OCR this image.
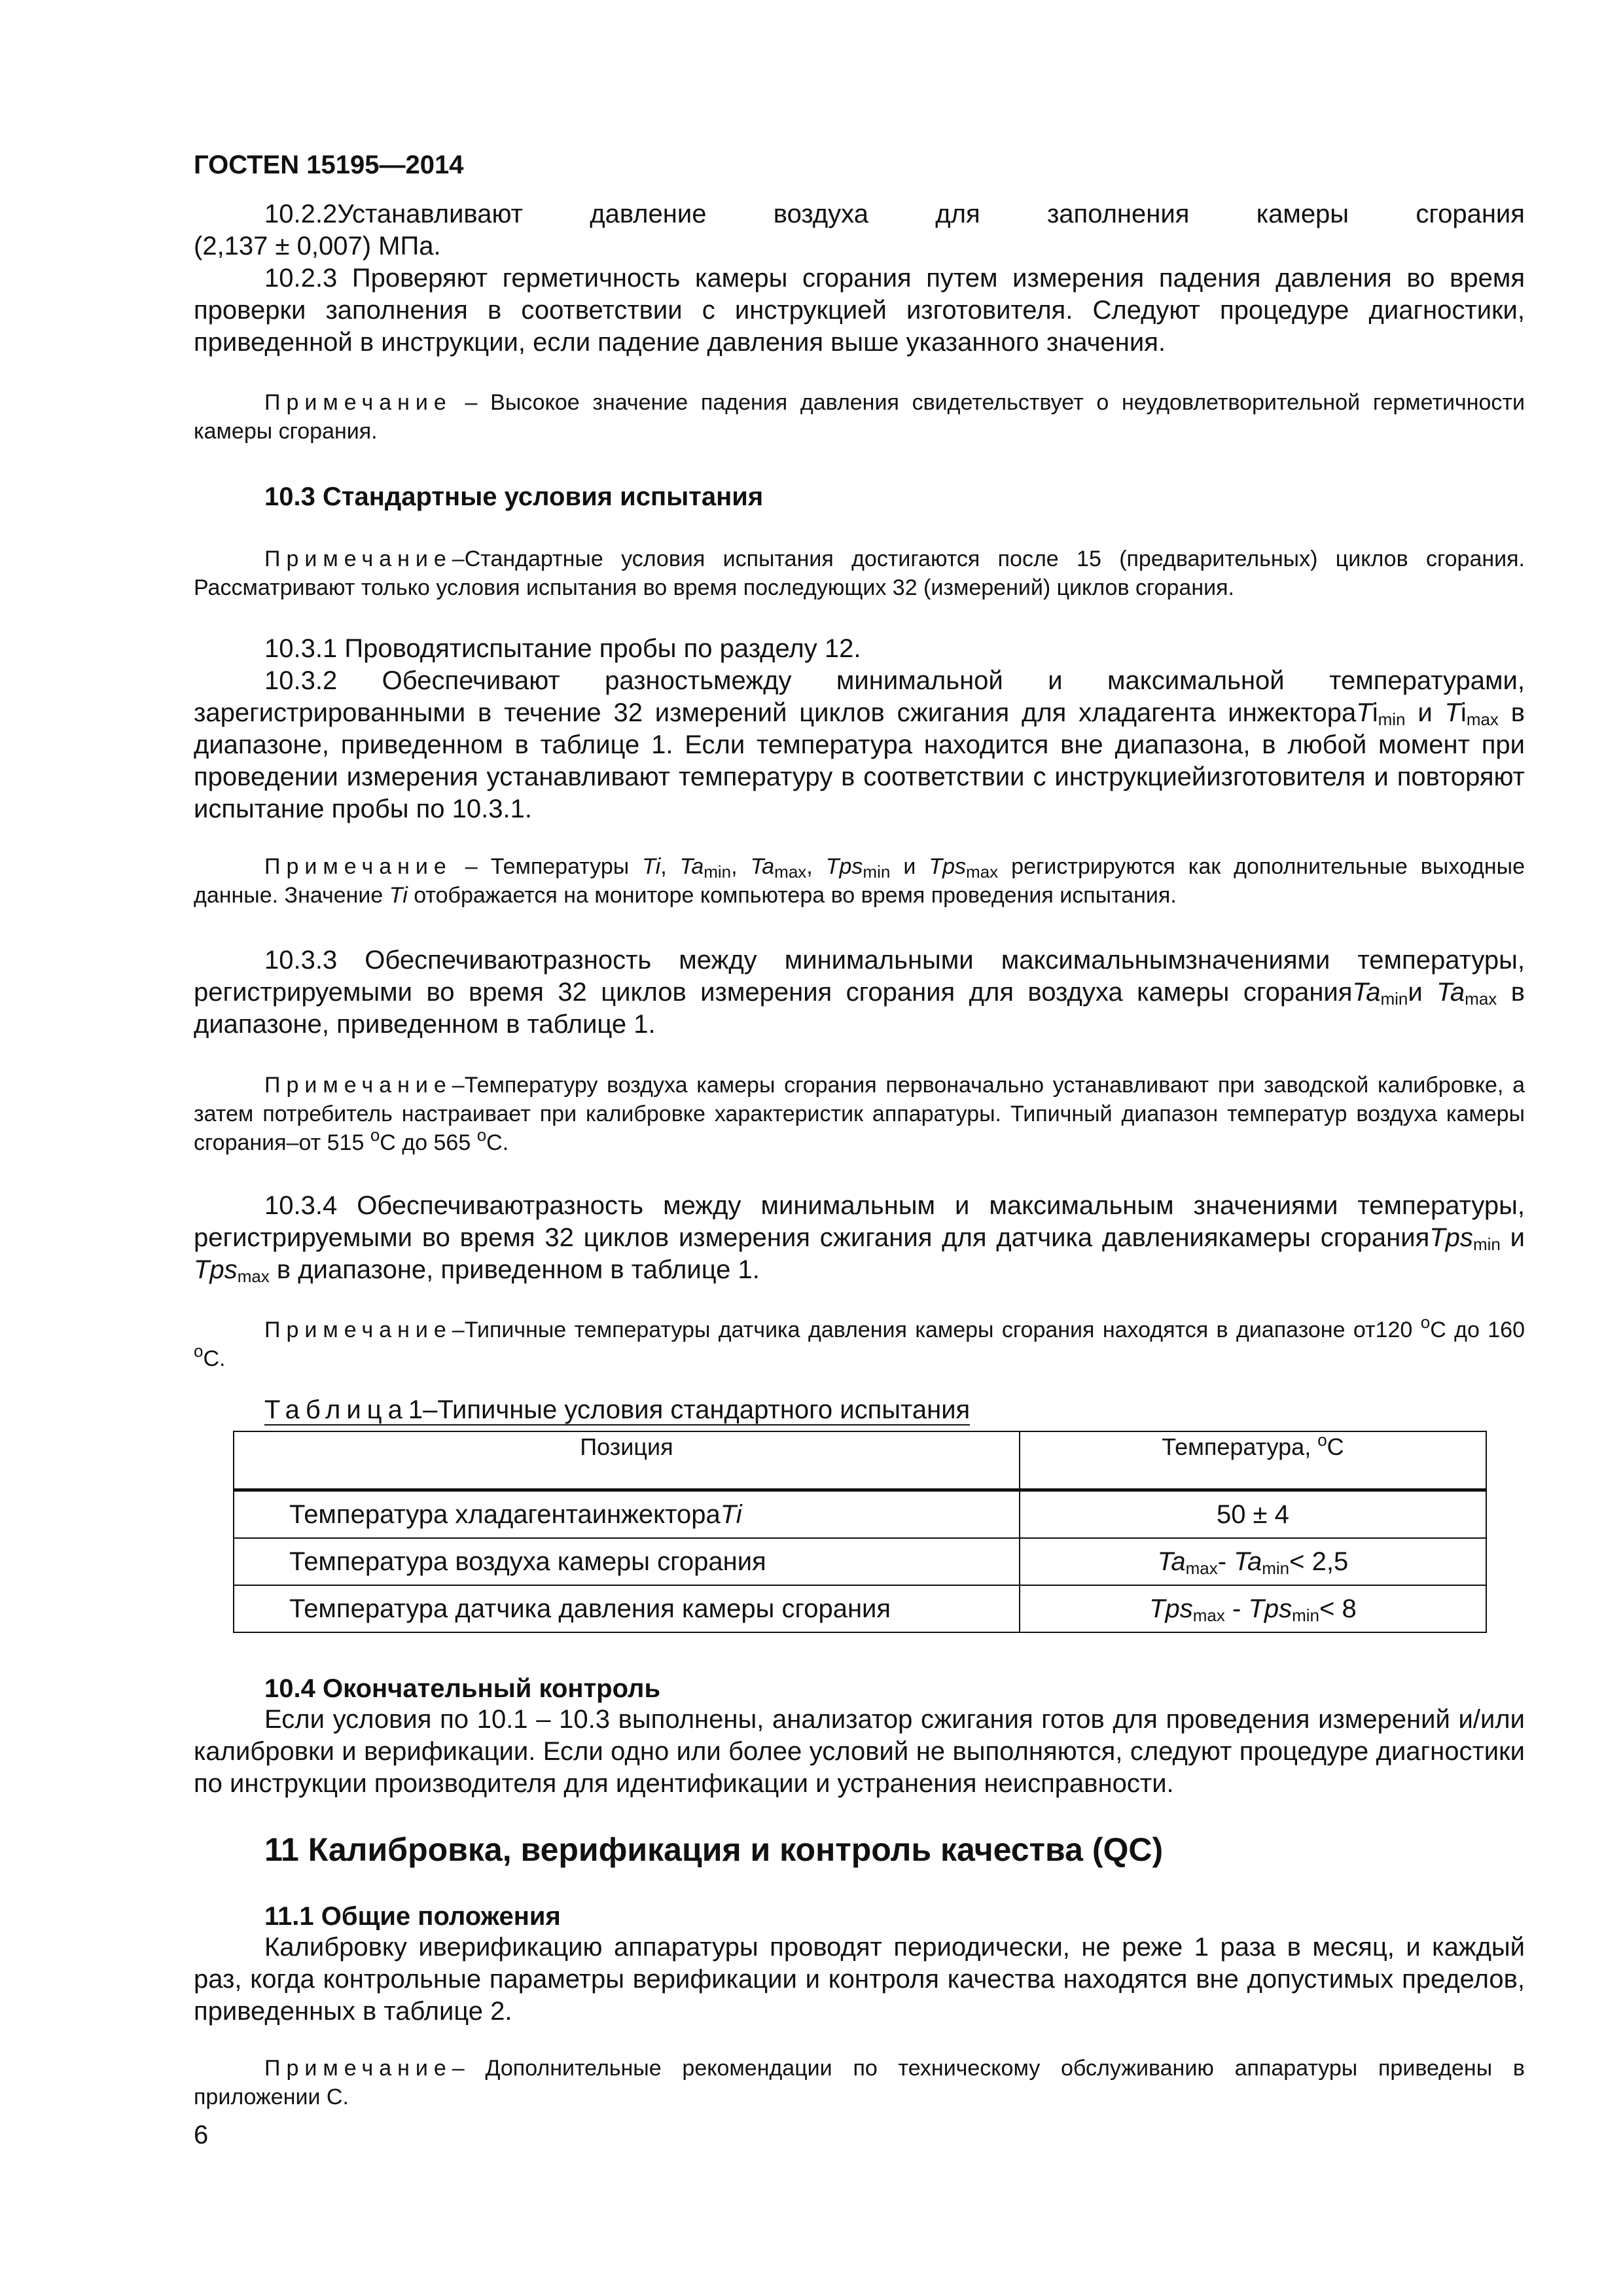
ГОСТEN 15195—2014
10.2.2Устанавливают	давление	воздуха	для	заполнения	камеры	сгорания

(2,137 ± 0,007) МПа.

10.2.3 Проверяют герметичность камеры сгорания путем измерения падения давления во время проверки заполнения в соответствии с инструкцией изготовителя. Следуют процедуре диагностики, приведенной в инструкции, если падение давления выше указанного значения.

Примечание – Высокое значение падения давления свидетельствует о неудовлетворительной герметичности камеры сгорания.

10.3 Стандартные условия испытания

Примечание–Стандартные условия испытания достигаются после 15 (предварительных) циклов сгорания. Рассматривают только условия испытания во время последующих 32 (измерений) циклов сгорания.

10.3.1 Проводятиспытание пробы по разделу 12.

10.3.2 Обеспечивают разностьмежду минимальной и максимальной температурами, зарегистрированными в течение 32 измерений циклов сжигания для хладагента инжектораTi$_{min}$ и $Ti_{max}$ в диапазоне, приведенном в таблице 1. Если температура находится вне диапазона, в любой момент при проведении измерения устанавливают температуру в соответствии с инструкциейизготовителя и повторяют испытание пробы по 10.3.1.

Примечание – Температуры Ti, $Ta_{min}$, $Ta_{max}$, Tps$_{min}$ и Tps$_{max}$ регистрируются как дополнительные выходные данные. Значение Ti отображается на мониторе компьютера во время проведения испытания.

10.3.3 Обеспечиваютразность между минимальными максимальнымзначениями температуры, регистрируемыми во время 32 циклов измерения сгорания для воздуха камеры сгоранияTa$_{min}$и $Ta_{max}$ в диапазоне, приведенном в таблице 1.

Примечание–Температуру воздуха камеры сгорания первоначально устанавливают при заводской калибровке, а затем потребитель настраивает при калибровке характеристик аппаратуры. Типичный диапазон температур воздуха камеры сгорания–от 515 $^o$C до 565 $^o$C.

10.3.4 Обеспечиваютразность между минимальным и максимальным значениями температуры, регистрируемыми во время 32 циклов измерения сжигания для датчика давлениякамеры сгоранияTps$_{min}$ и Tps$_{max}$ в диапазоне, приведенном в таблице 1.

Примечание–Типичные температуры датчика давления камеры сгорания находятся в диапазоне от120 $^o$C до 160 $^o$C.

Таблица1–Типичные условия стандартного испытания

Позиция	Температура, $^o$C
Температура хладагентаинжектораTi	50 ± 4
Температура воздуха камеры сгорания	$Ta_{max}-$ $Ta_{min}< 2,5$
Температура датчика давления камеры сгорания	Tps$_{max}$ - Tps$_{min}$< 8

10.4 Окончательный контроль

Если условия по 10.1 – 10.3 выполнены, анализатор сжигания готов для проведения измерений и/или калибровки и верификации. Если одно или более условий не выполняются, следуют процедуре диагностики по инструкции производителя для идентификации и устранения неисправности.

11 Калибровка, верификация и контроль качества (QC)

11.1 Общие положения

Калибровку иверификацию аппаратуры проводят периодически, не реже 1 раза в месяц, и каждый раз, когда контрольные параметры верификации и контроля качества находятся вне допустимых пределов, приведенных в таблице 2.

Примечание– Дополнительные рекомендации по техническому обслуживанию аппаратуры приведены в приложении С.

6
